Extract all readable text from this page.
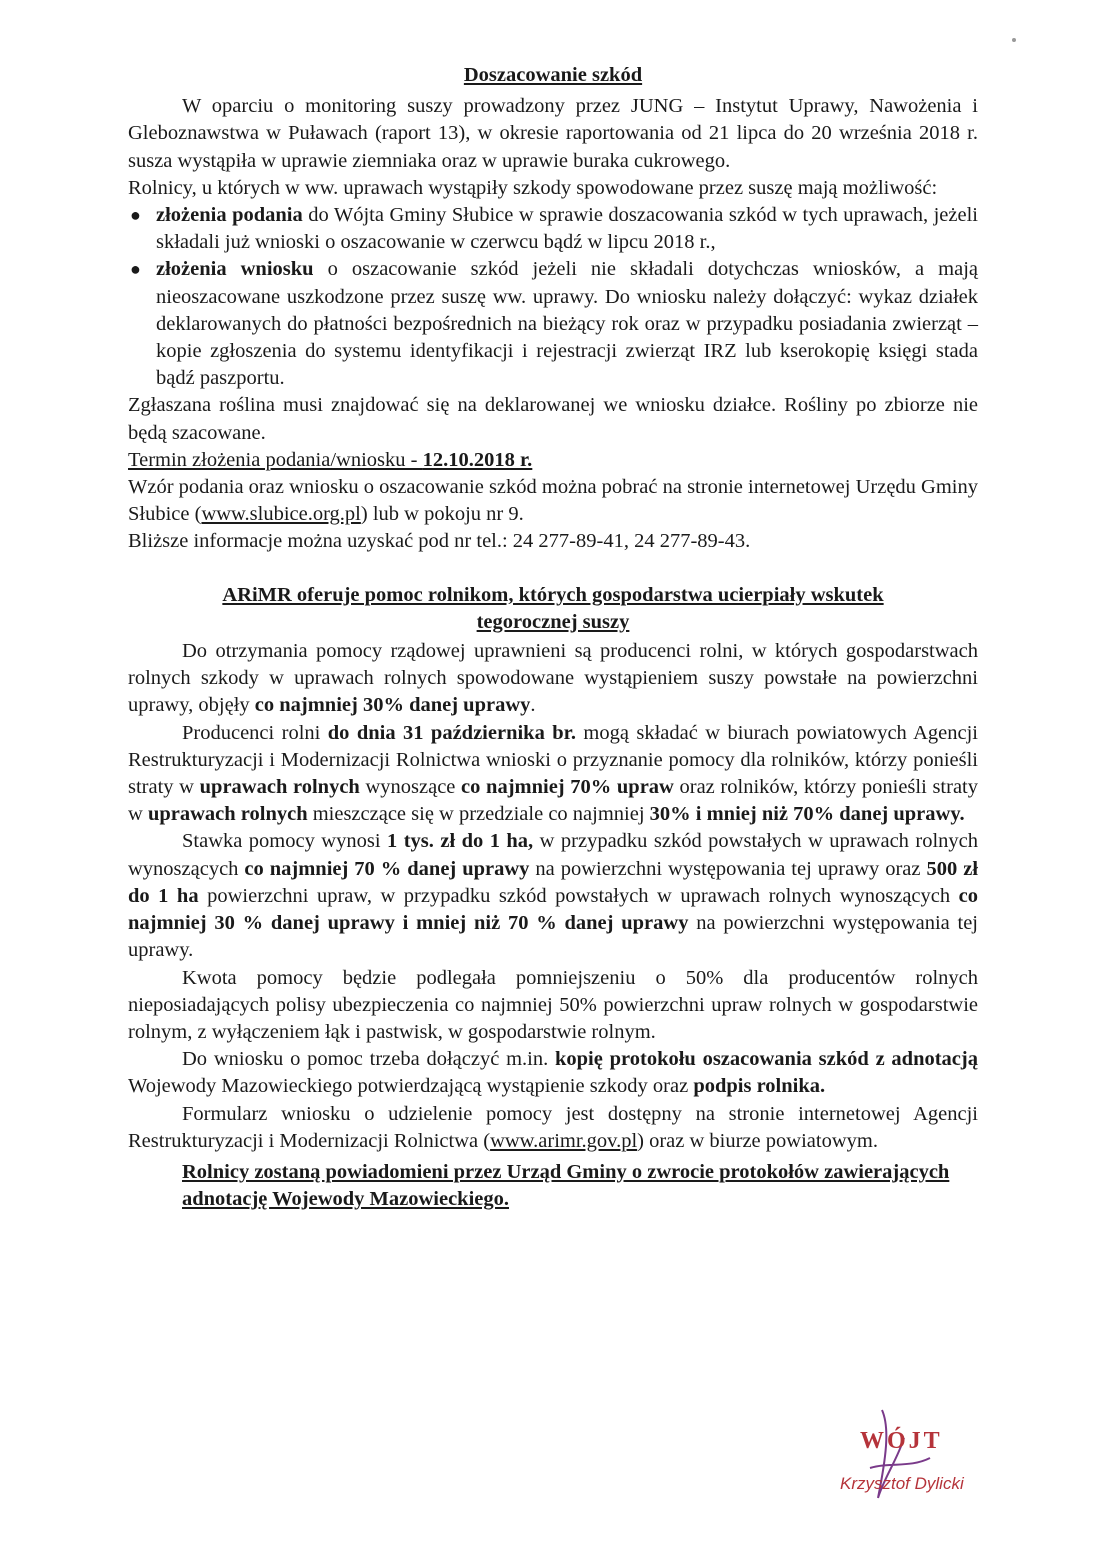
Doszacowanie szkód

W oparciu o monitoring suszy prowadzony przez JUNG – Instytut Uprawy, Nawożenia i Gleboznawstwa w Puławach (raport 13), w okresie raportowania od 21 lipca do 20 września 2018 r. susza wystąpiła w uprawie ziemniaka oraz w uprawie buraka cukrowego.

Rolnicy, u których w ww. uprawach wystąpiły szkody spowodowane przez suszę mają możliwość:

● złożenia podania do Wójta Gminy Słubice w sprawie doszacowania szkód w tych uprawach, jeżeli składali już wnioski o oszacowanie w czerwcu bądź w lipcu 2018 r.,
● złożenia wniosku o oszacowanie szkód jeżeli nie składali dotychczas wniosków, a mają nieoszacowane uszkodzone przez suszę ww. uprawy. Do wniosku należy dołączyć: wykaz działek deklarowanych do płatności bezpośrednich na bieżący rok oraz w przypadku posiadania zwierząt – kopie zgłoszenia do systemu identyfikacji i rejestracji zwierząt IRZ lub kserokopię księgi stada bądź paszportu.

Zgłaszana roślina musi znajdować się na deklarowanej we wniosku działce. Rośliny po zbiorze nie będą szacowane.

Termin złożenia podania/wniosku - 12.10.2018 r.

Wzór podania oraz wniosku o oszacowanie szkód można pobrać na stronie internetowej Urzędu Gminy Słubice (www.slubice.org.pl) lub w pokoju nr 9.

Bliższe informacje można uzyskać pod nr tel.: 24 277-89-41, 24 277-89-43.

ARiMR oferuje pomoc rolnikom, których gospodarstwa ucierpiały wskutek
tegorocznej suszy

Do otrzymania pomocy rządowej uprawnieni są producenci rolni, w których gospodarstwach rolnych szkody w uprawach rolnych spowodowane wystąpieniem suszy powstałe na powierzchni uprawy, objęły co najmniej 30% danej uprawy.

Producenci rolni do dnia 31 października br. mogą składać w biurach powiatowych Agencji Restrukturyzacji i Modernizacji Rolnictwa wnioski o przyznanie pomocy dla rolników, którzy ponieśli straty w uprawach rolnych wynoszące co najmniej 70% upraw oraz rolników, którzy ponieśli straty w uprawach rolnych mieszczące się w przedziale co najmniej 30% i mniej niż 70% danej uprawy.

Stawka pomocy wynosi 1 tys. zł do 1 ha, w przypadku szkód powstałych w uprawach rolnych wynoszących co najmniej 70 % danej uprawy na powierzchni występowania tej uprawy oraz 500 zł do 1 ha powierzchni upraw, w przypadku szkód powstałych w uprawach rolnych wynoszących co najmniej 30 % danej uprawy i mniej niż 70 % danej uprawy na powierzchni występowania tej uprawy.

Kwota pomocy będzie podlegała pomniejszeniu o 50% dla producentów rolnych nieposiadających polisy ubezpieczenia co najmniej 50% powierzchni upraw rolnych w gospodarstwie rolnym, z wyłączeniem łąk i pastwisk, w gospodarstwie rolnym.

Do wniosku o pomoc trzeba dołączyć m.in. kopię protokołu oszacowania szkód z adnotacją Wojewody Mazowieckiego potwierdzającą wystąpienie szkody oraz podpis rolnika.

Formularz wniosku o udzielenie pomocy jest dostępny na stronie internetowej Agencji Restrukturyzacji i Modernizacji Rolnictwa (www.arimr.gov.pl) oraz w biurze powiatowym.

Rolnicy zostaną powiadomieni przez Urząd Gminy o zwrocie protokołów zawierających adnotację Wojewody Mazowieckiego.

WÓJT
Krzysztof Dylicki
